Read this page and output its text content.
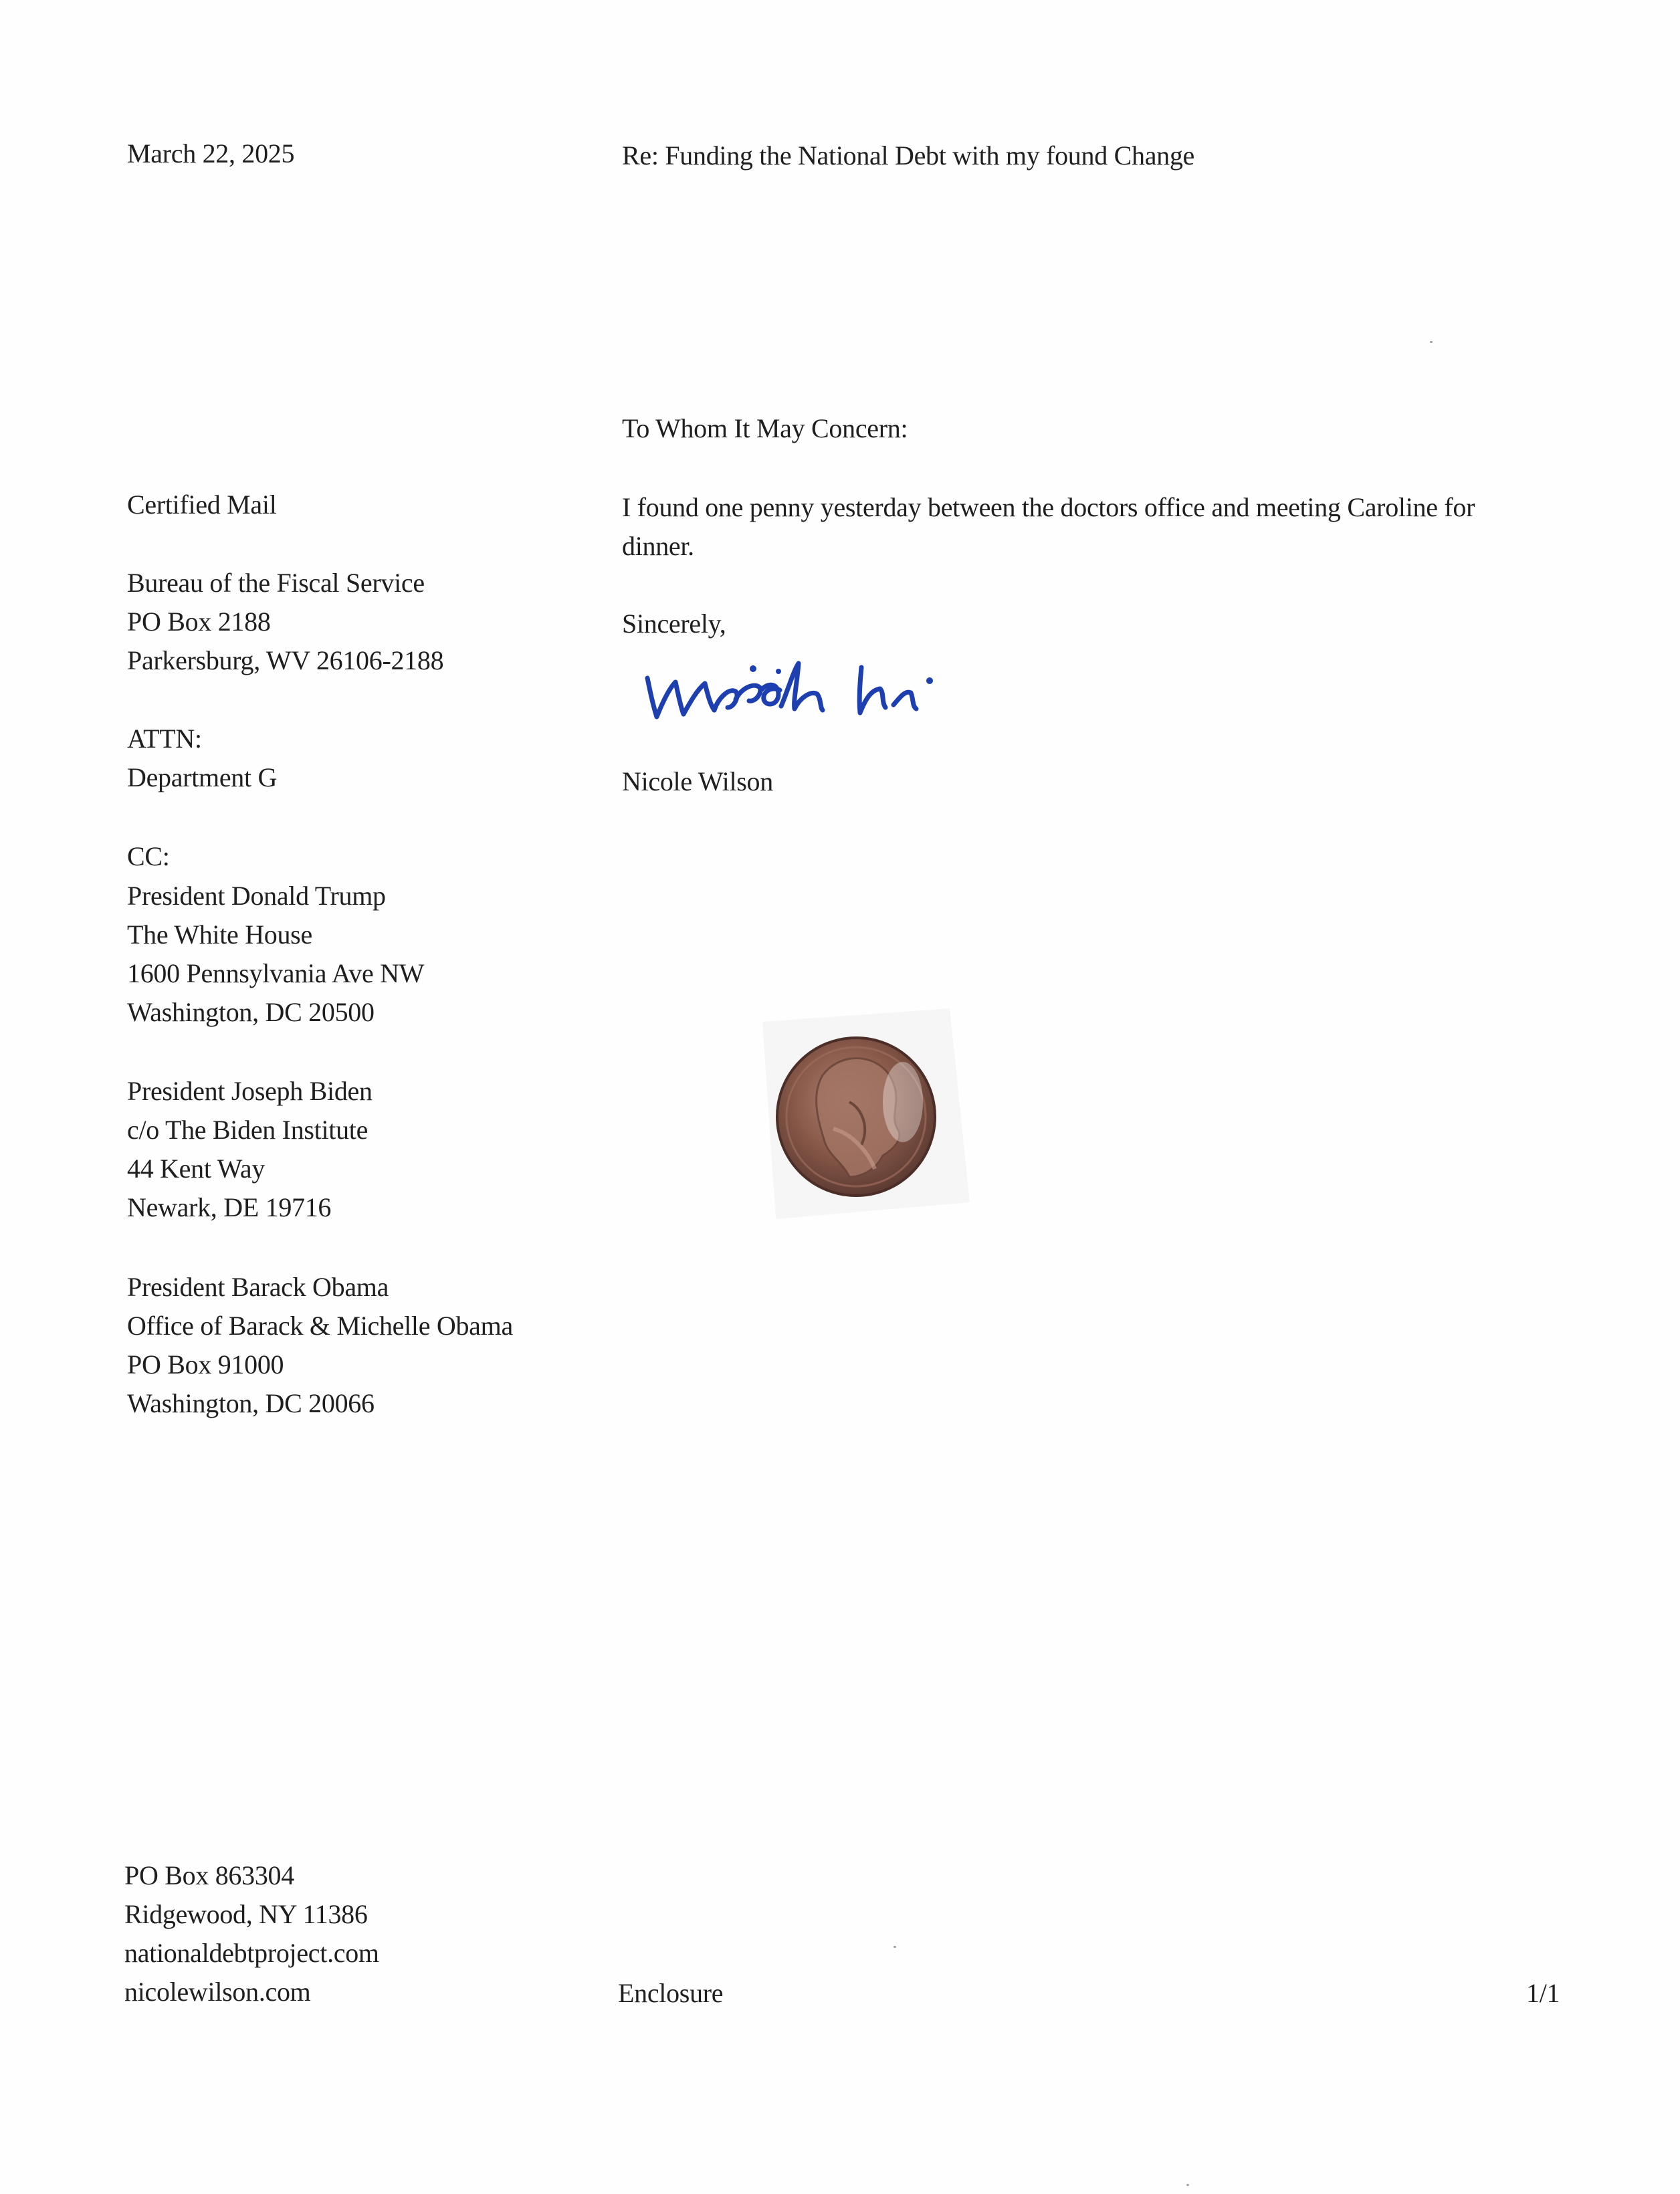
March 22, 2025	Re: Funding the National Debt with my found Change
Certified Mail
Bureau of the Fiscal Service
PO Box 2188
Parkersburg, WV 26106-2188
ATTN:
Department G
CC:
President Donald Trump
The White House
1600 Pennsylvania Ave NW
Washington, DC 20500
President Joseph Biden
c/o The Biden Institute
44 Kent Way
Newark, DE 19716
President Barack Obama
Office of Barack & Michelle Obama
PO Box 91000
Washington, DC 20066
To Whom It May Concern:
I found one penny yesterday between the doctors office and meeting Caroline for dinner.
Sincerely,
Nicole Wilson
PO Box 863304
Ridgewood, NY 11386
nationaldebtproject.com
nicolewilson.com	Enclosure	1/1
